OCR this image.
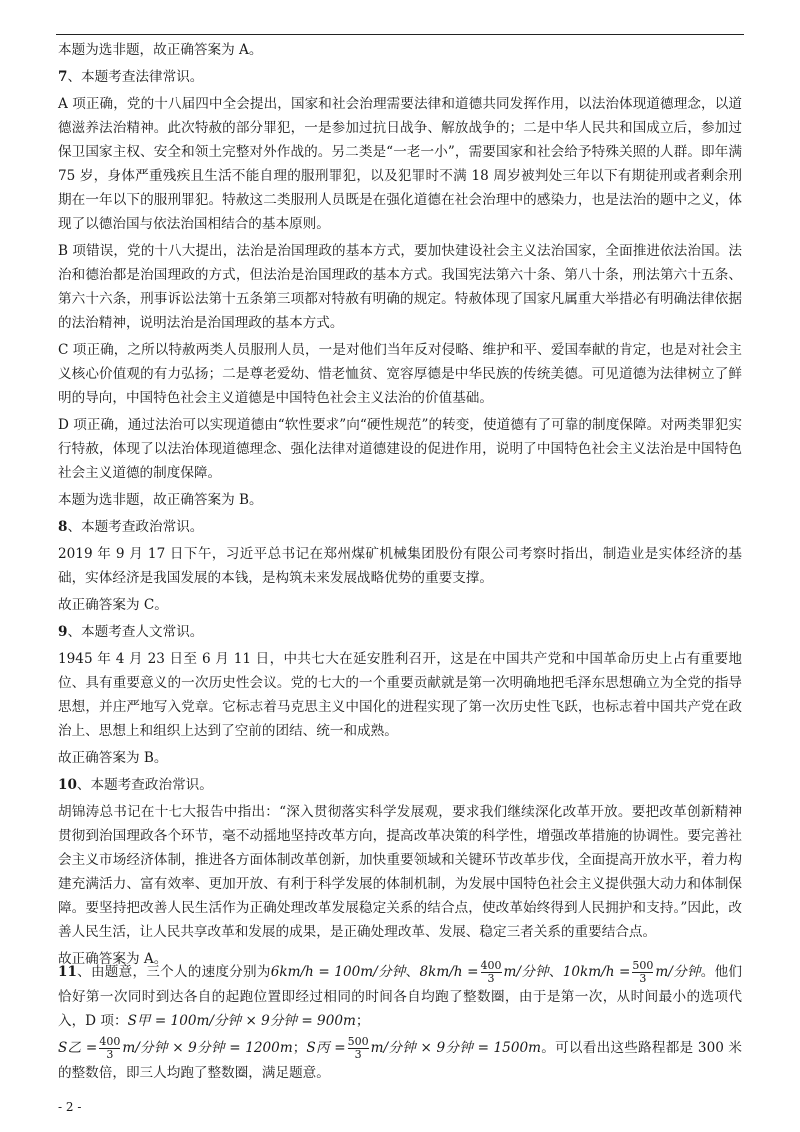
本题为选非题，故正确答案为 A。

7、本题考查法律常识。

A 项正确，党的十八届四中全会提出，国家和社会治理需要法律和道德共同发挥作用，以法治体现道德理念，以道德滋养法治精神。此次特赦的部分罪犯，一是参加过抗日战争、解放战争的；二是中华人民共和国成立后，参加过保卫国家主权、安全和领土完整对外作战的。另二类是“一老一小”，需要国家和社会给予特殊关照的人群。即年满 75 岁，身体严重残疾且生活不能自理的服刑罪犯，以及犯罪时不满 18 周岁被判处三年以下有期徒刑或者剩余刑期在一年以下的服刑罪犯。特赦这二类服刑人员既是在强化道德在社会治理中的感染力，也是法治的题中之义，体现了以德治国与依法治国相结合的基本原则。

B 项错误，党的十八大提出，法治是治国理政的基本方式，要加快建设社会主义法治国家，全面推进依法治国。法治和德治都是治国理政的方式，但法治是治国理政的基本方式。我国宪法第六十条、第八十条，刑法第六十五条、第六十六条，刑事诉讼法第十五条第三项都对特赦有明确的规定。特赦体现了国家凡属重大举措必有明确法律依据的法治精神，说明法治是治国理政的基本方式。

C 项正确，之所以特赦两类人员服刑人员，一是对他们当年反对侵略、维护和平、爱国奉献的肯定，也是对社会主义核心价值观的有力弘扬；二是尊老爱幼、惜老恤贫、宽容厚德是中华民族的传统美德。可见道德为法律树立了鲜明的导向，中国特色社会主义道德是中国特色社会主义法治的价值基础。

D 项正确，通过法治可以实现道德由“软性要求”向“硬性规范”的转变，使道德有了可靠的制度保障。对两类罪犯实行特赦，体现了以法治体现道德理念、强化法律对道德建设的促进作用，说明了中国特色社会主义法治是中国特色社会主义道德的制度保障。

本题为选非题，故正确答案为 B。

8、本题考查政治常识。

2019 年 9 月 17 日下午，习近平总书记在郑州煤矿机械集团股份有限公司考察时指出，制造业是实体经济的基础，实体经济是我国发展的本钱，是构筑未来发展战略优势的重要支撑。

故正确答案为 C。

9、本题考查人文常识。

1945 年 4 月 23 日至 6 月 11 日，中共七大在延安胜利召开，这是在中国共产党和中国革命历史上占有重要地位、具有重要意义的一次历史性会议。党的七大的一个重要贡献就是第一次明确地把毛泽东思想确立为全党的指导思想，并庄严地写入党章。它标志着马克思主义中国化的进程实现了第一次历史性飞跃，也标志着中国共产党在政治上、思想上和组织上达到了空前的团结、统一和成熟。

故正确答案为 B。

10、本题考查政治常识。

胡锦涛总书记在十七大报告中指出：“深入贯彻落实科学发展观，要求我们继续深化改革开放。要把改革创新精神贯彻到治国理政各个环节，毫不动摇地坚持改革方向，提高改革决策的科学性，增强改革措施的协调性。要完善社会主义市场经济体制，推进各方面体制改革创新，加快重要领域和关键环节改革步伐，全面提高开放水平，着力构建充满活力、富有效率、更加开放、有利于科学发展的体制机制，为发展中国特色社会主义提供强大动力和体制保障。要坚持把改善人民生活作为正确处理改革发展稳定关系的结合点，使改革始终得到人民拥护和支持。”因此，改善人民生活，让人民共享改革和发展的成果，是正确处理改革、发展、稳定三者关系的重要结合点。

故正确答案为 A。

11、由题意，三个人的速度分别为6km/h = 100m/分钟、$8km/h = \frac{400}{3} m/$分钟、$10km/h = \frac{500}{3} m/$分钟。他们恰好第一次同时到达各自的起跑位置即经过相同的时间各自均跑了整数圈，由于是第一次，从时间最小的选项代入，D 项：S甲 = 100m/分钟 × 9分钟 = 900m；

S乙 = $\frac{400}{3} m/$分钟 × 9分钟 = 1200m；S丙 = $\frac{500}{3} m/$分钟 × 9分钟 = 1500m。可以看出这些路程都是 300 米的整数倍，即三人均跑了整数圈，满足题意。

- 2 -
